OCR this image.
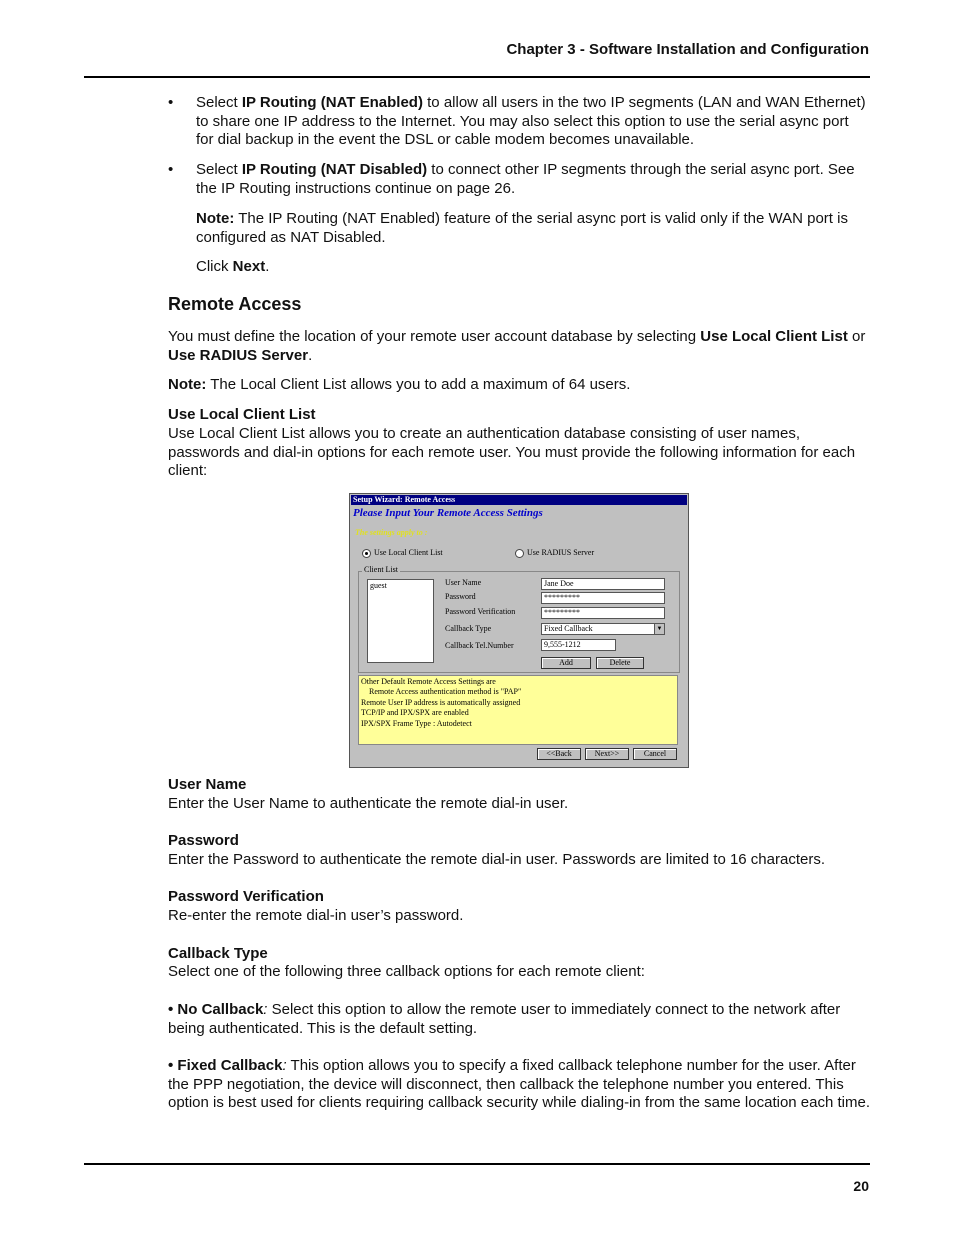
Chapter 3 - Software Installation and Configuration
• Select IP Routing (NAT Enabled) to allow all users in the two IP segments (LAN and WAN Ethernet) to share one IP address to the Internet. You may also select this option to use the serial async port for dial backup in the event the DSL or cable modem becomes unavailable.
• Select IP Routing (NAT Disabled) to connect other IP segments through the serial async port. See the IP Routing instructions continue on page 26.
Note: The IP Routing (NAT Enabled) feature of the serial async port is valid only if the WAN port is configured as NAT Disabled.
Click Next.
Remote Access
You must define the location of your remote user account database by selecting Use Local Client List or Use RADIUS Server.
Note: The Local Client List allows you to add a maximum of 64 users.
Use Local Client List
Use Local Client List allows you to create an authentication database consisting of user names, passwords and dial-in options for each remote user. You must provide the following information for each client:
Setup Wizard: Remote Access
Please Input Your Remote Access Settings
The settings apply to :
Use Local Client List	Use RADIUS Server
Client List
guest	User Name	Jane Doe
Password	*********
Password Verification	*********
Callback Type	Fixed Callback	▼
Callback Tel.Number	9,555-1212
Add	Delete
Other Default Remote Access Settings are
Remote Access authentication method is "PAP"
Remote User IP address is automatically assigned
TCP/IP and IPX/SPX are enabled
IPX/SPX Frame Type : Autodetect
<<Back	Next>>	Cancel
User Name
Enter the User Name to authenticate the remote dial-in user.
Password
Enter the Password to authenticate the remote dial-in user. Passwords are limited to 16 characters.
Password Verification
Re-enter the remote dial-in user’s password.
Callback Type
Select one of the following three callback options for each remote client:
• No Callback: Select this option to allow the remote user to immediately connect to the network after being authenticated. This is the default setting.
• Fixed Callback: This option allows you to specify a fixed callback telephone number for the user. After the PPP negotiation, the device will disconnect, then callback the telephone number you entered. This option is best used for clients requiring callback security while dialing-in from the same location each time.
20
